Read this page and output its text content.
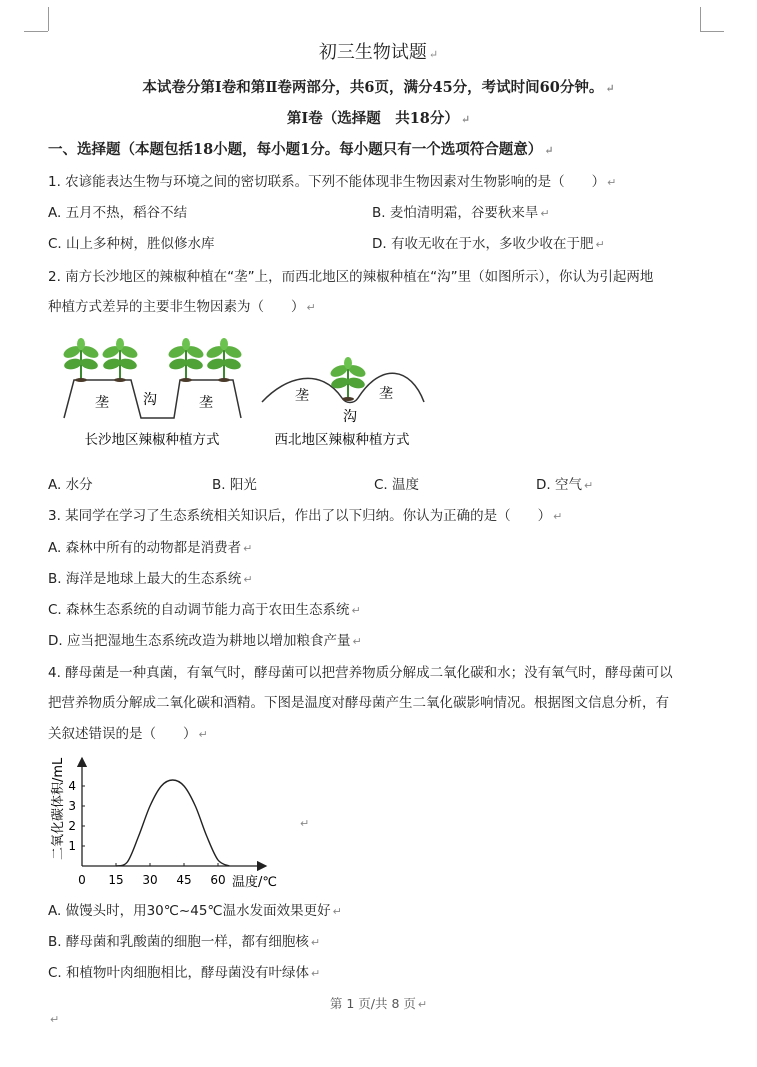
初三生物试题 ↵
本试卷分第Ⅰ卷和第Ⅱ卷两部分，共6页，满分45分，考试时间60分钟。 ↵
第Ⅰ卷（选择题　共18分） ↵
一、选择题（本题包括18小题，每小题1分。每小题只有一个选项符合题意） ↵
1. 农谚能表达生物与环境之间的密切联系。下列不能体现非生物因素对生物影响的是（　　） ↵
A. 五月不热，稻谷不结	B. 麦怕清明霜，谷要秋来旱 ↵
C. 山上多种树，胜似修水库	D. 有收无收在于水，多收少收在于肥 ↵
2. 南方长沙地区的辣椒种植在“垄”上，而西北地区的辣椒种植在“沟”里（如图所示），你认为引起两地
种植方式差异的主要非生物因素为（　　） ↵
垄 沟	垄	垄
沟
垄
长沙地区辣椒种植方式	西北地区辣椒种植方式
A. 水分	B. 阳光	C. 温度	D. 空气 ↵
3. 某同学在学习了生态系统相关知识后，作出了以下归纳。你认为正确的是（　　） ↵
A. 森林中所有的动物都是消费者 ↵
B. 海洋是地球上最大的生态系统 ↵
C. 森林生态系统的自动调节能力高于农田生态系统 ↵
D. 应当把湿地生态系统改造为耕地以增加粮食产量 ↵
4. 酵母菌是一种真菌，有氧气时，酵母菌可以把营养物质分解成二氧化碳和水；没有氧气时，酵母菌可以
把营养物质分解成二氧化碳和酒精。下图是温度对酵母菌产生二氧化碳影响情况。根据图文信息分析，有
关叙述错误的是（　　） ↵
二氧化碳体积/mL
温度/℃
0 15 30 45 60
1
2
3
4
↵
A. 做馒头时，用30℃~45℃温水发面效果更好 ↵
B. 酵母菌和乳酸菌的细胞一样，都有细胞核 ↵
C. 和植物叶肉细胞相比，酵母菌没有叶绿体 ↵
第 1 页/共 8 页 ↵
↵
